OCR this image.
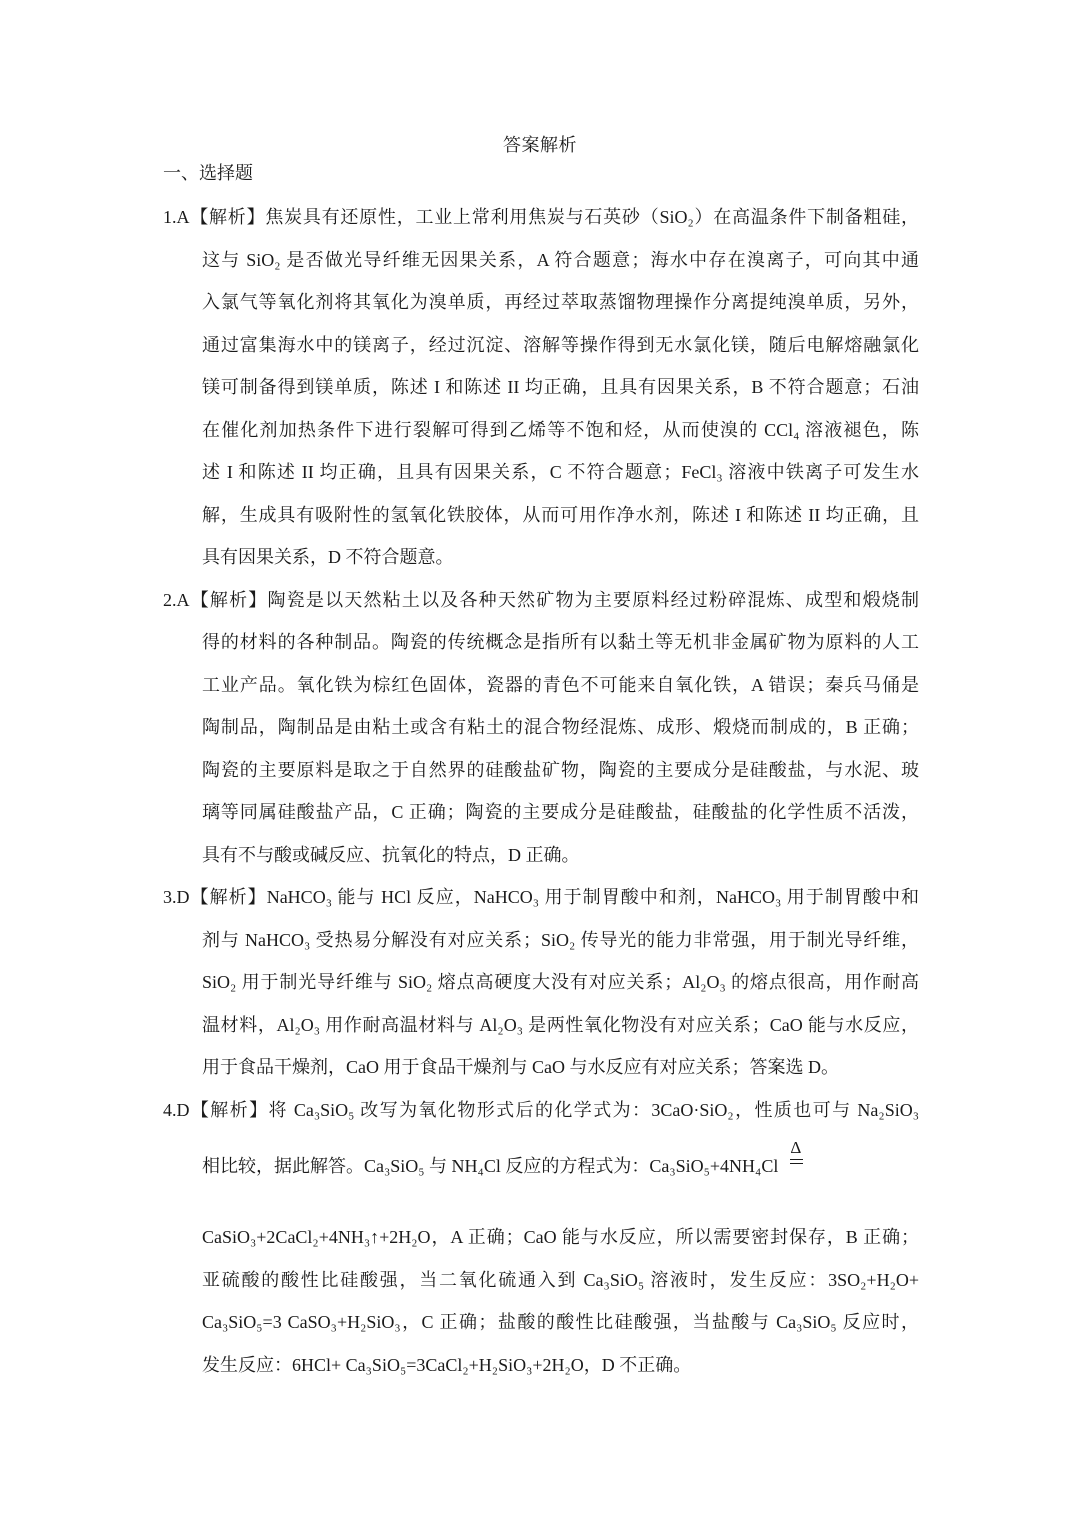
答案解析
一、选择题
1.A【解析】焦炭具有还原性，工业上常利用焦炭与石英砂（SiO₂）在高温条件下制备粗硅，
这与 SiO₂ 是否做光导纤维无因果关系，A 符合题意；海水中存在溴离子，可向其中通
入氯气等氧化剂将其氧化为溴单质，再经过萃取蒸馏物理操作分离提纯溴单质，另外，
通过富集海水中的镁离子，经过沉淀、溶解等操作得到无水氯化镁，随后电解熔融氯化
镁可制备得到镁单质，陈述 I 和陈述 II 均正确，且具有因果关系，B 不符合题意；石油
在催化剂加热条件下进行裂解可得到乙烯等不饱和烃，从而使溴的 CCl₄ 溶液褪色，陈
述 I 和陈述 II 均正确，且具有因果关系，C 不符合题意；FeCl₃ 溶液中铁离子可发生水
解，生成具有吸附性的氢氧化铁胶体，从而可用作净水剂，陈述 I 和陈述 II 均正确，且
具有因果关系，D 不符合题意。
2.A【解析】陶瓷是以天然粘土以及各种天然矿物为主要原料经过粉碎混炼、成型和煅烧制
得的材料的各种制品。陶瓷的传统概念是指所有以黏土等无机非金属矿物为原料的人工
工业产品。氧化铁为棕红色固体，瓷器的青色不可能来自氧化铁，A 错误；秦兵马俑是
陶制品，陶制品是由粘土或含有粘土的混合物经混炼、成形、煅烧而制成的，B 正确；
陶瓷的主要原料是取之于自然界的硅酸盐矿物，陶瓷的主要成分是硅酸盐，与水泥、玻
璃等同属硅酸盐产品，C 正确；陶瓷的主要成分是硅酸盐，硅酸盐的化学性质不活泼，
具有不与酸或碱反应、抗氧化的特点，D 正确。
3.D【解析】NaHCO₃ 能与 HCl 反应，NaHCO₃ 用于制胃酸中和剂，NaHCO₃ 用于制胃酸中和
剂与 NaHCO₃ 受热易分解没有对应关系；SiO₂ 传导光的能力非常强，用于制光导纤维，
SiO₂ 用于制光导纤维与 SiO₂ 熔点高硬度大没有对应关系；Al₂O₃ 的熔点很高，用作耐高
温材料，Al₂O₃ 用作耐高温材料与 Al₂O₃ 是两性氧化物没有对应关系；CaO 能与水反应，
用于食品干燥剂，CaO 用于食品干燥剂与 CaO 与水反应有对应关系；答案选 D。
4.D【解析】将 Ca₃SiO₅ 改写为氧化物形式后的化学式为：3CaO·SiO₂，性质也可与 Na₂SiO₃
相比较，据此解答。Ca₃SiO₅ 与 NH₄Cl 反应的方程式为：Ca₃SiO₅+4NH₄Cl
Δ
CaSiO₃+2CaCl₂+4NH₃↑+2H₂O，A 正确；CaO 能与水反应，所以需要密封保存，B 正确；
亚硫酸的酸性比硅酸强，当二氧化硫通入到 Ca₃SiO₅ 溶液时，发生反应：3SO₂+H₂O+
Ca₃SiO₅=3 CaSO₃+H₂SiO₃，C 正确；盐酸的酸性比硅酸强，当盐酸与 Ca₃SiO₅ 反应时，
发生反应：6HCl+ Ca₃SiO₅=3CaCl₂+H₂SiO₃+2H₂O，D 不正确。
